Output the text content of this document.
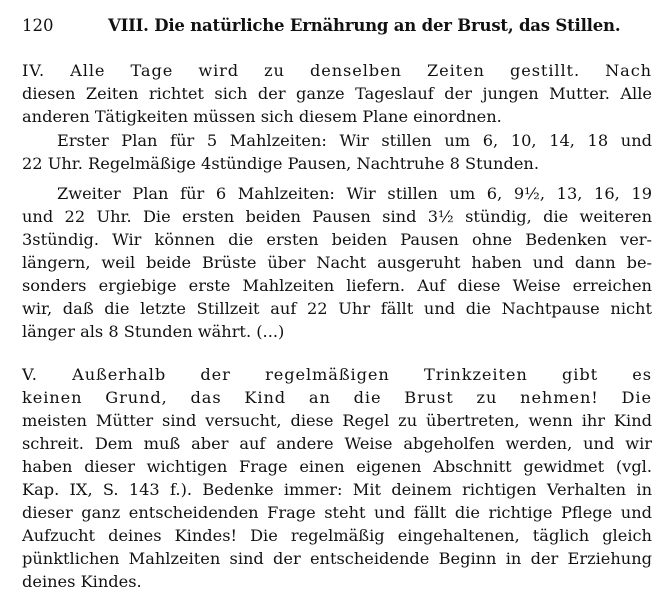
120	VIII. Die natürliche Ernährung an der Brust, das Stillen.
IV. Alle Tage wird zu denselben Zeiten gestillt. Nach
diesen Zeiten richtet sich der ganze Tageslauf der jungen Mutter. Alle
anderen Tätigkeiten müssen sich diesem Plane einordnen.
Erster Plan für 5 Mahlzeiten: Wir stillen um 6, 10, 14, 18 und
22 Uhr. Regelmäßige 4stündige Pausen, Nachtruhe 8 Stunden.
Zweiter Plan für 6 Mahlzeiten: Wir stillen um 6, 9½, 13, 16, 19
und 22 Uhr. Die ersten beiden Pausen sind 3½ stündig, die weiteren
3stündig. Wir können die ersten beiden Pausen ohne Bedenken ver-
längern, weil beide Brüste über Nacht ausgeruht haben und dann be-
sonders ergiebige erste Mahlzeiten liefern. Auf diese Weise erreichen
wir, daß die letzte Stillzeit auf 22 Uhr fällt und die Nachtpause nicht
länger als 8 Stunden währt. (...)
V. Außerhalb der regelmäßigen Trinkzeiten gibt es
keinen Grund, das Kind an die Brust zu nehmen! Die
meisten Mütter sind versucht, diese Regel zu übertreten, wenn ihr Kind
schreit. Dem muß aber auf andere Weise abgeholfen werden, und wir
haben dieser wichtigen Frage einen eigenen Abschnitt gewidmet (vgl.
Kap. IX, S. 143 f.). Bedenke immer: Mit deinem richtigen Verhalten in
dieser ganz entscheidenden Frage steht und fällt die richtige Pflege und
Aufzucht deines Kindes! Die regelmäßig eingehaltenen, täglich gleich
pünktlichen Mahlzeiten sind der entscheidende Beginn in der Erziehung
deines Kindes.
